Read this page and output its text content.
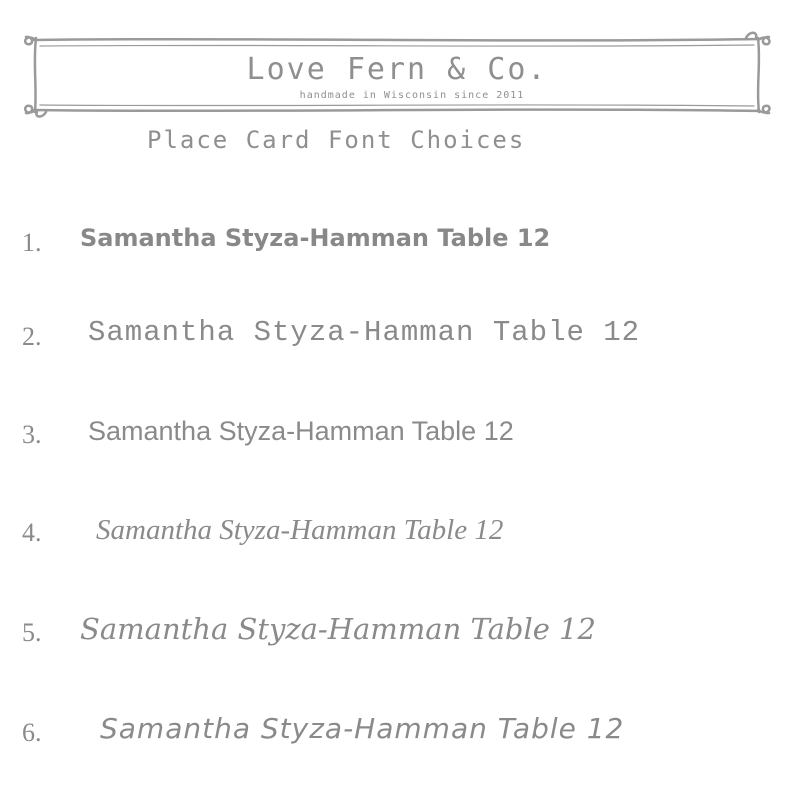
Love Fern & Co.
handmade in Wisconsin since 2011
Place Card Font Choices
1. Samantha Styza-Hamman Table 12
2. Samantha Styza-Hamman Table 12
3. Samantha Styza-Hamman Table 12
4. Samantha Styza-Hamman Table 12
5. Samantha Styza-Hamman Table 12
6. Samantha Styza-Hamman Table 12
